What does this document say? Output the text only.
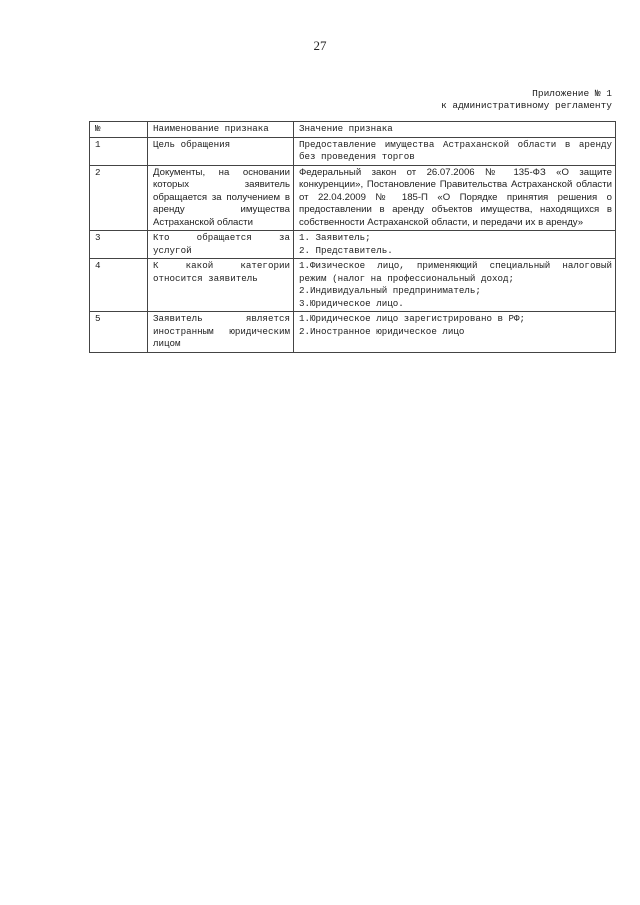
27
Приложение № 1
к административному регламенту
№	Наименование признака	Значение признака
1	Цель обращения	Предоставление имущества Астраханской области в аренду без проведения торгов
2	Документы, на основании которых заявитель обращается за получением в аренду имущества Астраханской области	Федеральный закон от 26.07.2006 № 135-ФЗ «О защите конкуренции», Постановление Правительства Астраханской области от 22.04.2009 № 185-П «О Порядке принятия решения о предоставлении в аренду объектов имущества, находящихся в собственности Астраханской области, и передачи их в аренду»
3	Кто обращается за услугой	1. Заявитель;
2. Представитель.

4	К какой категории относится заявитель	1.Физическое лицо, применяющий специальный налоговый режим (налог на профессиональный доход;
2.Индивидуальный предприниматель;
3.Юридическое лицо.

5	Заявитель является иностранным юридическим лицом	1.Юридическое лицо зарегистрировано в РФ;
2.Иностранное юридическое лицо
